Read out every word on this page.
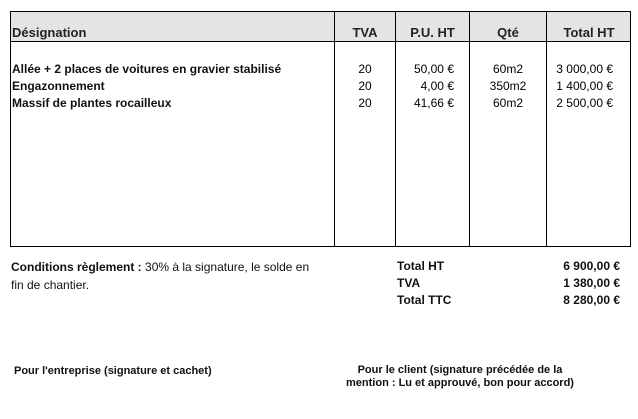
Désignation	TVA	P.U. HT	Qté	Total HT
Allée + 2 places de voitures en gravier stabilisé	20	50,00 €	60m2	3 000,00 €
Engazonnement	20	4,00 €	350m2	1 400,00 €
Massif de plantes rocailleux	20	41,66 €	60m2	2 500,00 €
Conditions règlement : 30% à la signature, le solde en
fin de chantier.
Total HT	6 900,00 €
TVA	1 380,00 €
Total TTC	8 280,00 €
Pour l'entreprise (signature et cachet)	Pour le client (signature précédée de la
mention : Lu et approuvé, bon pour accord)
